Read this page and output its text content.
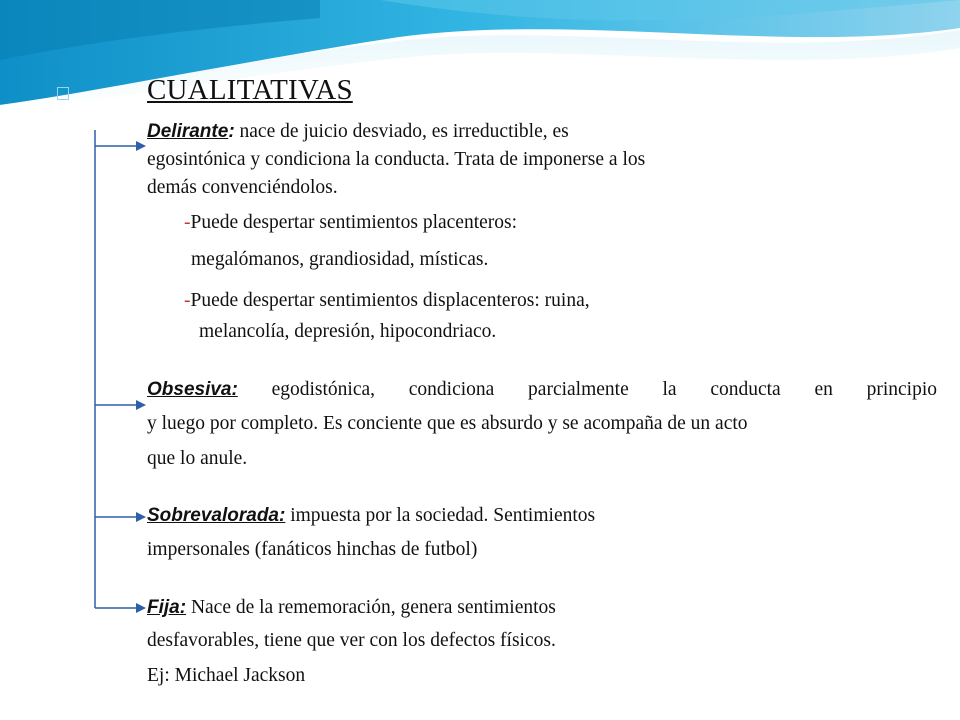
CUALITATIVAS
Delirante: nace de juicio desviado, es irreductible, es
egosintónica y condiciona la conducta. Trata de imponerse a los
demás convenciéndolos.
-Puede despertar sentimientos placenteros:
megalómanos, grandiosidad, místicas.
-Puede despertar sentimientos displacenteros: ruina,
melancolía, depresión, hipocondriaco.
Obsesiva: egodistónica, condiciona parcialmente la conducta en principio
y luego por completo. Es conciente que es absurdo y se acompaña de un acto
que lo anule.
Sobrevalorada: impuesta por la sociedad. Sentimientos
impersonales (fanáticos hinchas de futbol)
Fija: Nace de la rememoración, genera sentimientos
desfavorables, tiene que ver con los defectos físicos.
Ej: Michael Jackson
